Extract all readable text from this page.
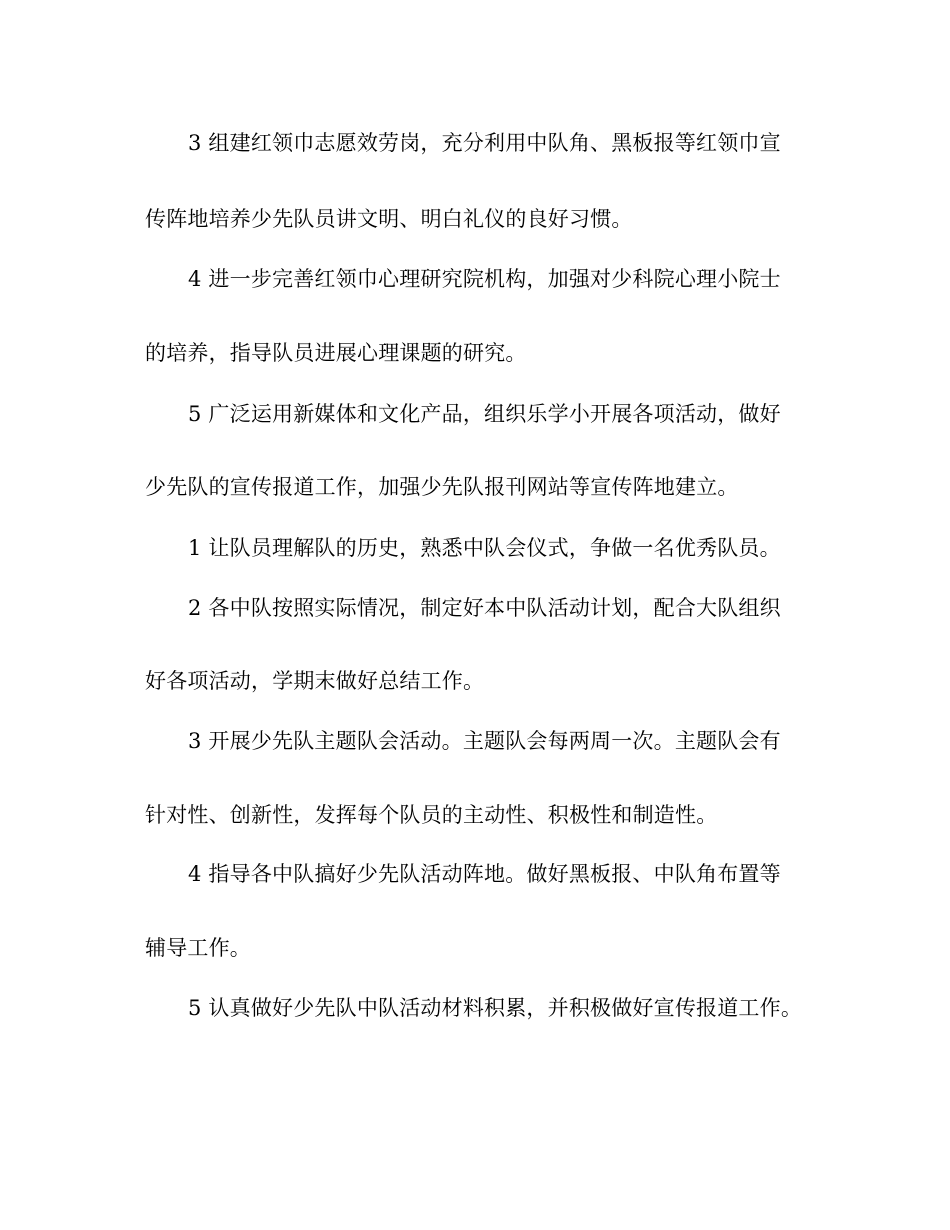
3 组建红领巾志愿效劳岗，充分利用中队角、黑板报等红领巾宣
传阵地培养少先队员讲文明、明白礼仪的良好习惯。
4 进一步完善红领巾心理研究院机构，加强对少科院心理小院士
的培养，指导队员进展心理课题的研究。
5 广泛运用新媒体和文化产品，组织乐学小开展各项活动，做好
少先队的宣传报道工作，加强少先队报刊网站等宣传阵地建立。
1 让队员理解队的历史，熟悉中队会仪式，争做一名优秀队员。
2 各中队按照实际情况，制定好本中队活动计划，配合大队组织
好各项活动，学期末做好总结工作。
3 开展少先队主题队会活动。主题队会每两周一次。主题队会有
针对性、创新性，发挥每个队员的主动性、积极性和制造性。
4 指导各中队搞好少先队活动阵地。做好黑板报、中队角布置等
辅导工作。
5 认真做好少先队中队活动材料积累，并积极做好宣传报道工作。
